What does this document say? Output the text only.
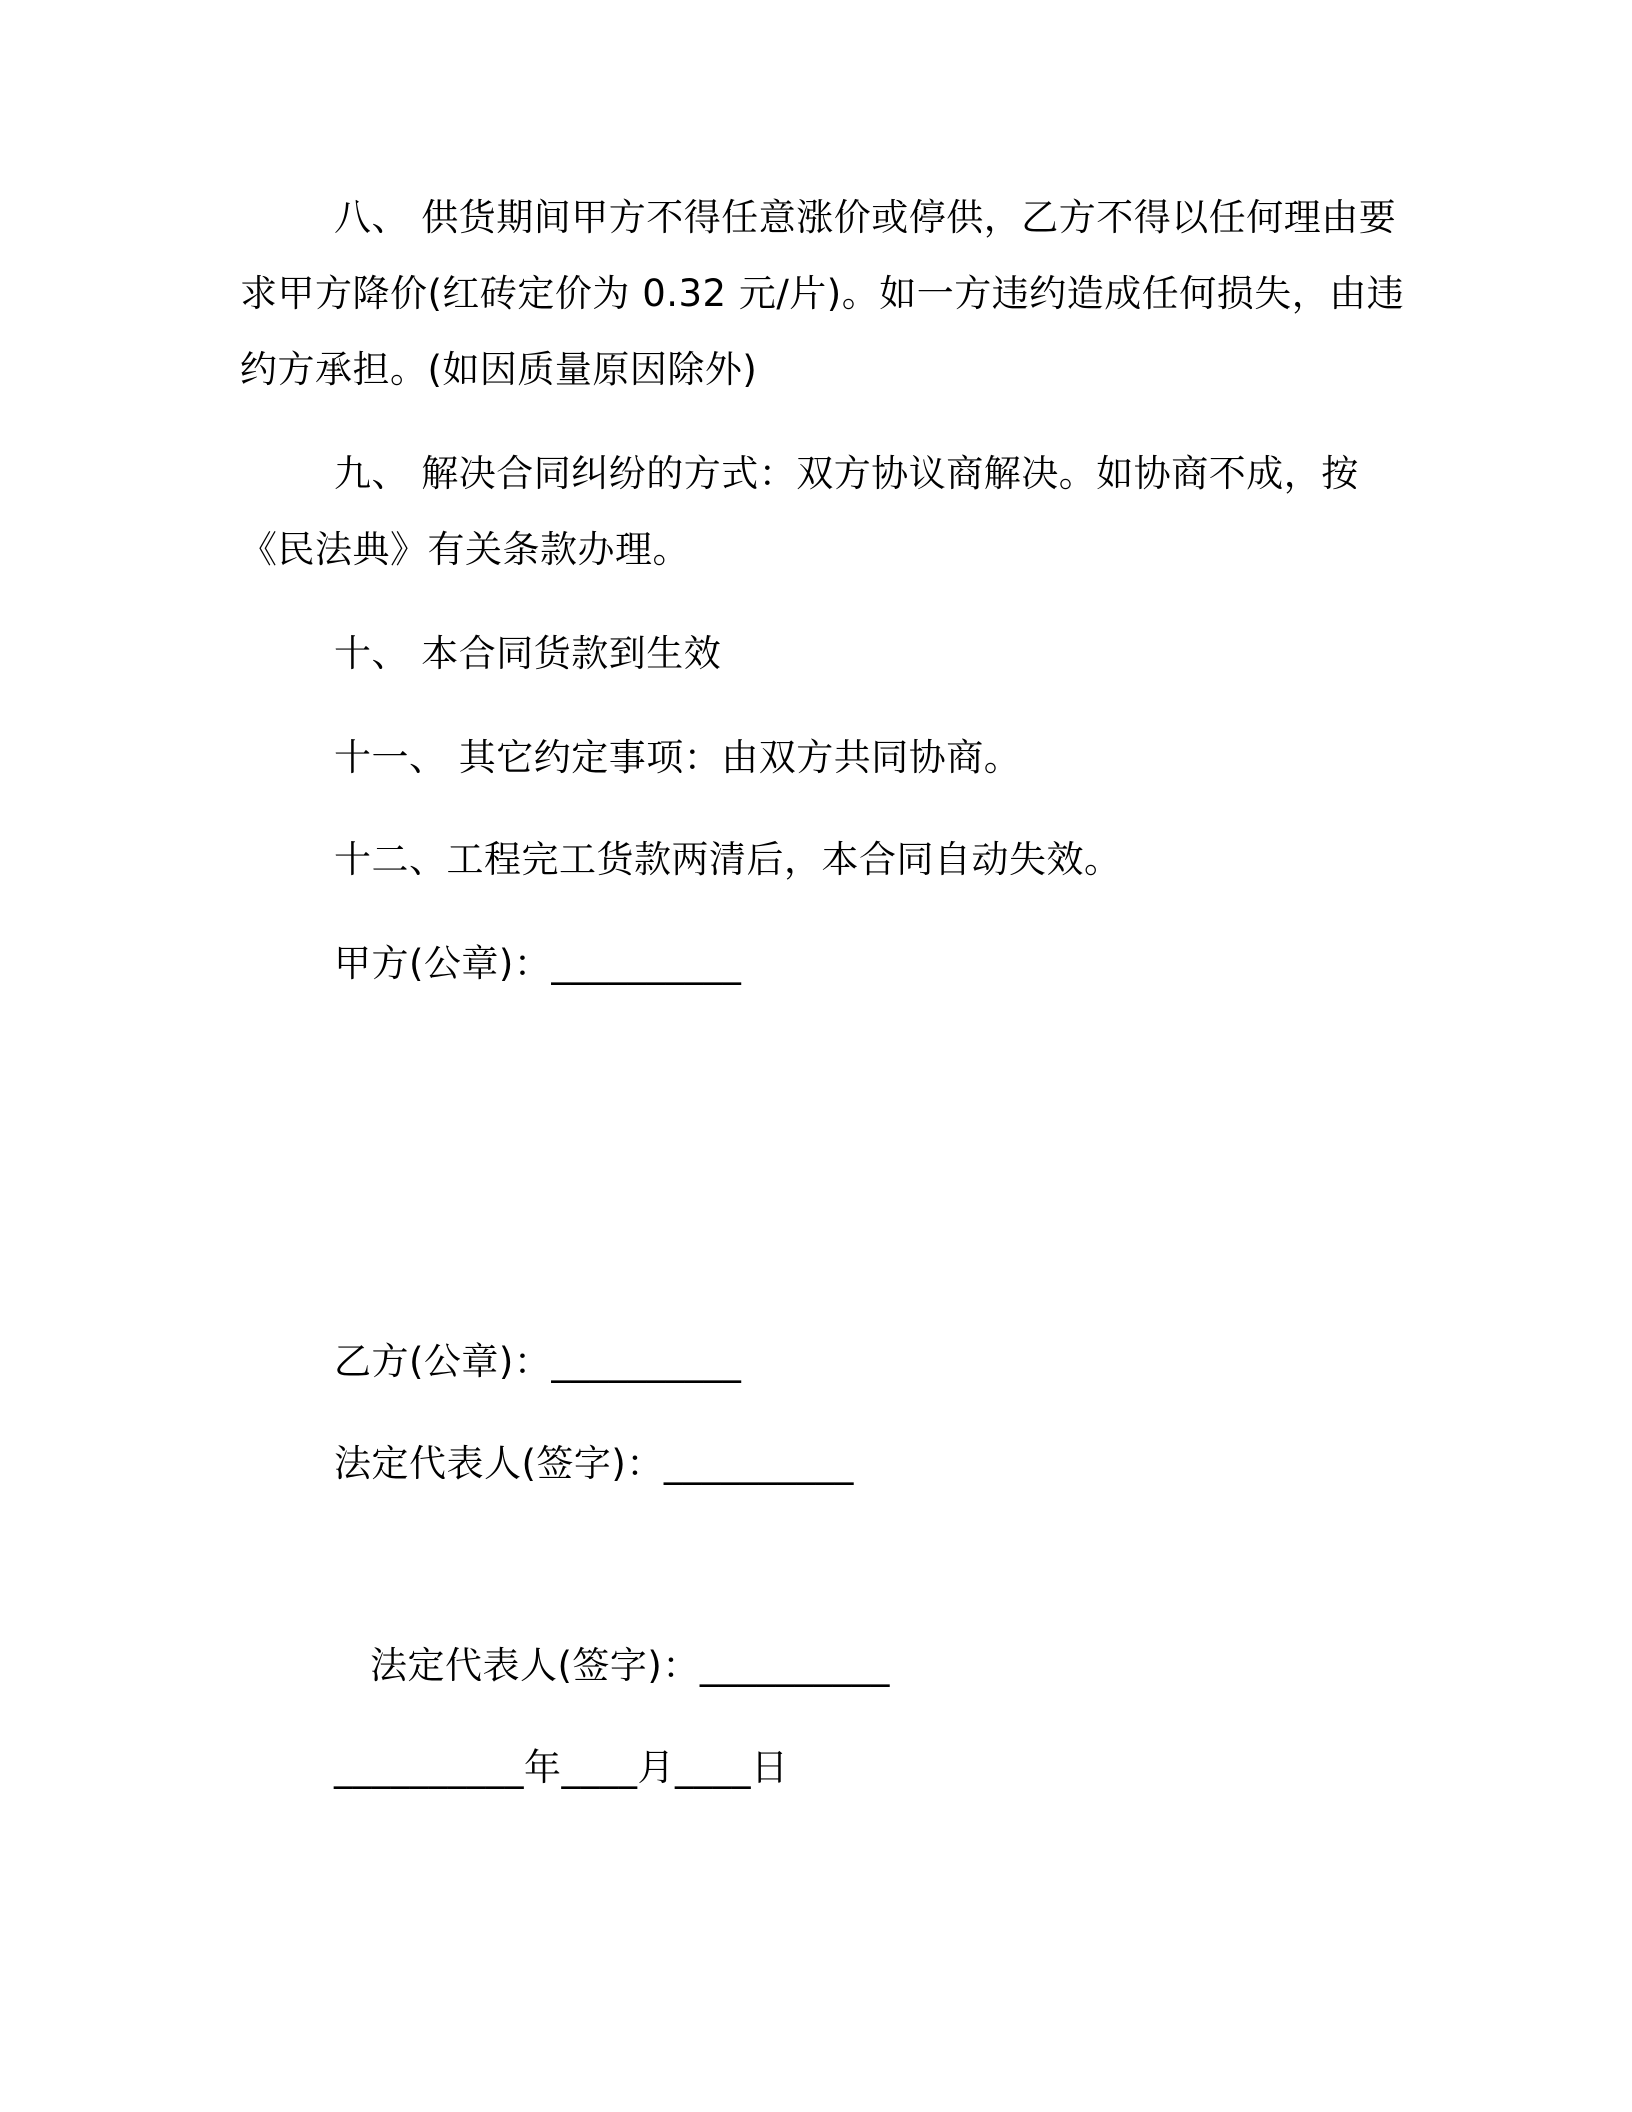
八、 供货期间甲方不得任意涨价或停供，乙方不得以任何理由要
求甲方降价(红砖定价为 0.32 元/片)。如一方违约造成任何损失，由违
约方承担。(如因质量原因除外)
九、 解决合同纠纷的方式：双方协议商解决。如协商不成，按
《民法典》有关条款办理。
十、 本合同货款到生效
十一、 其它约定事项：由双方共同协商。
十二、工程完工货款两清后，本合同自动失效。
甲方(公章)：__________
乙方(公章)：__________
法定代表人(签字)：__________
法定代表人(签字)：__________
__________年____月____日
